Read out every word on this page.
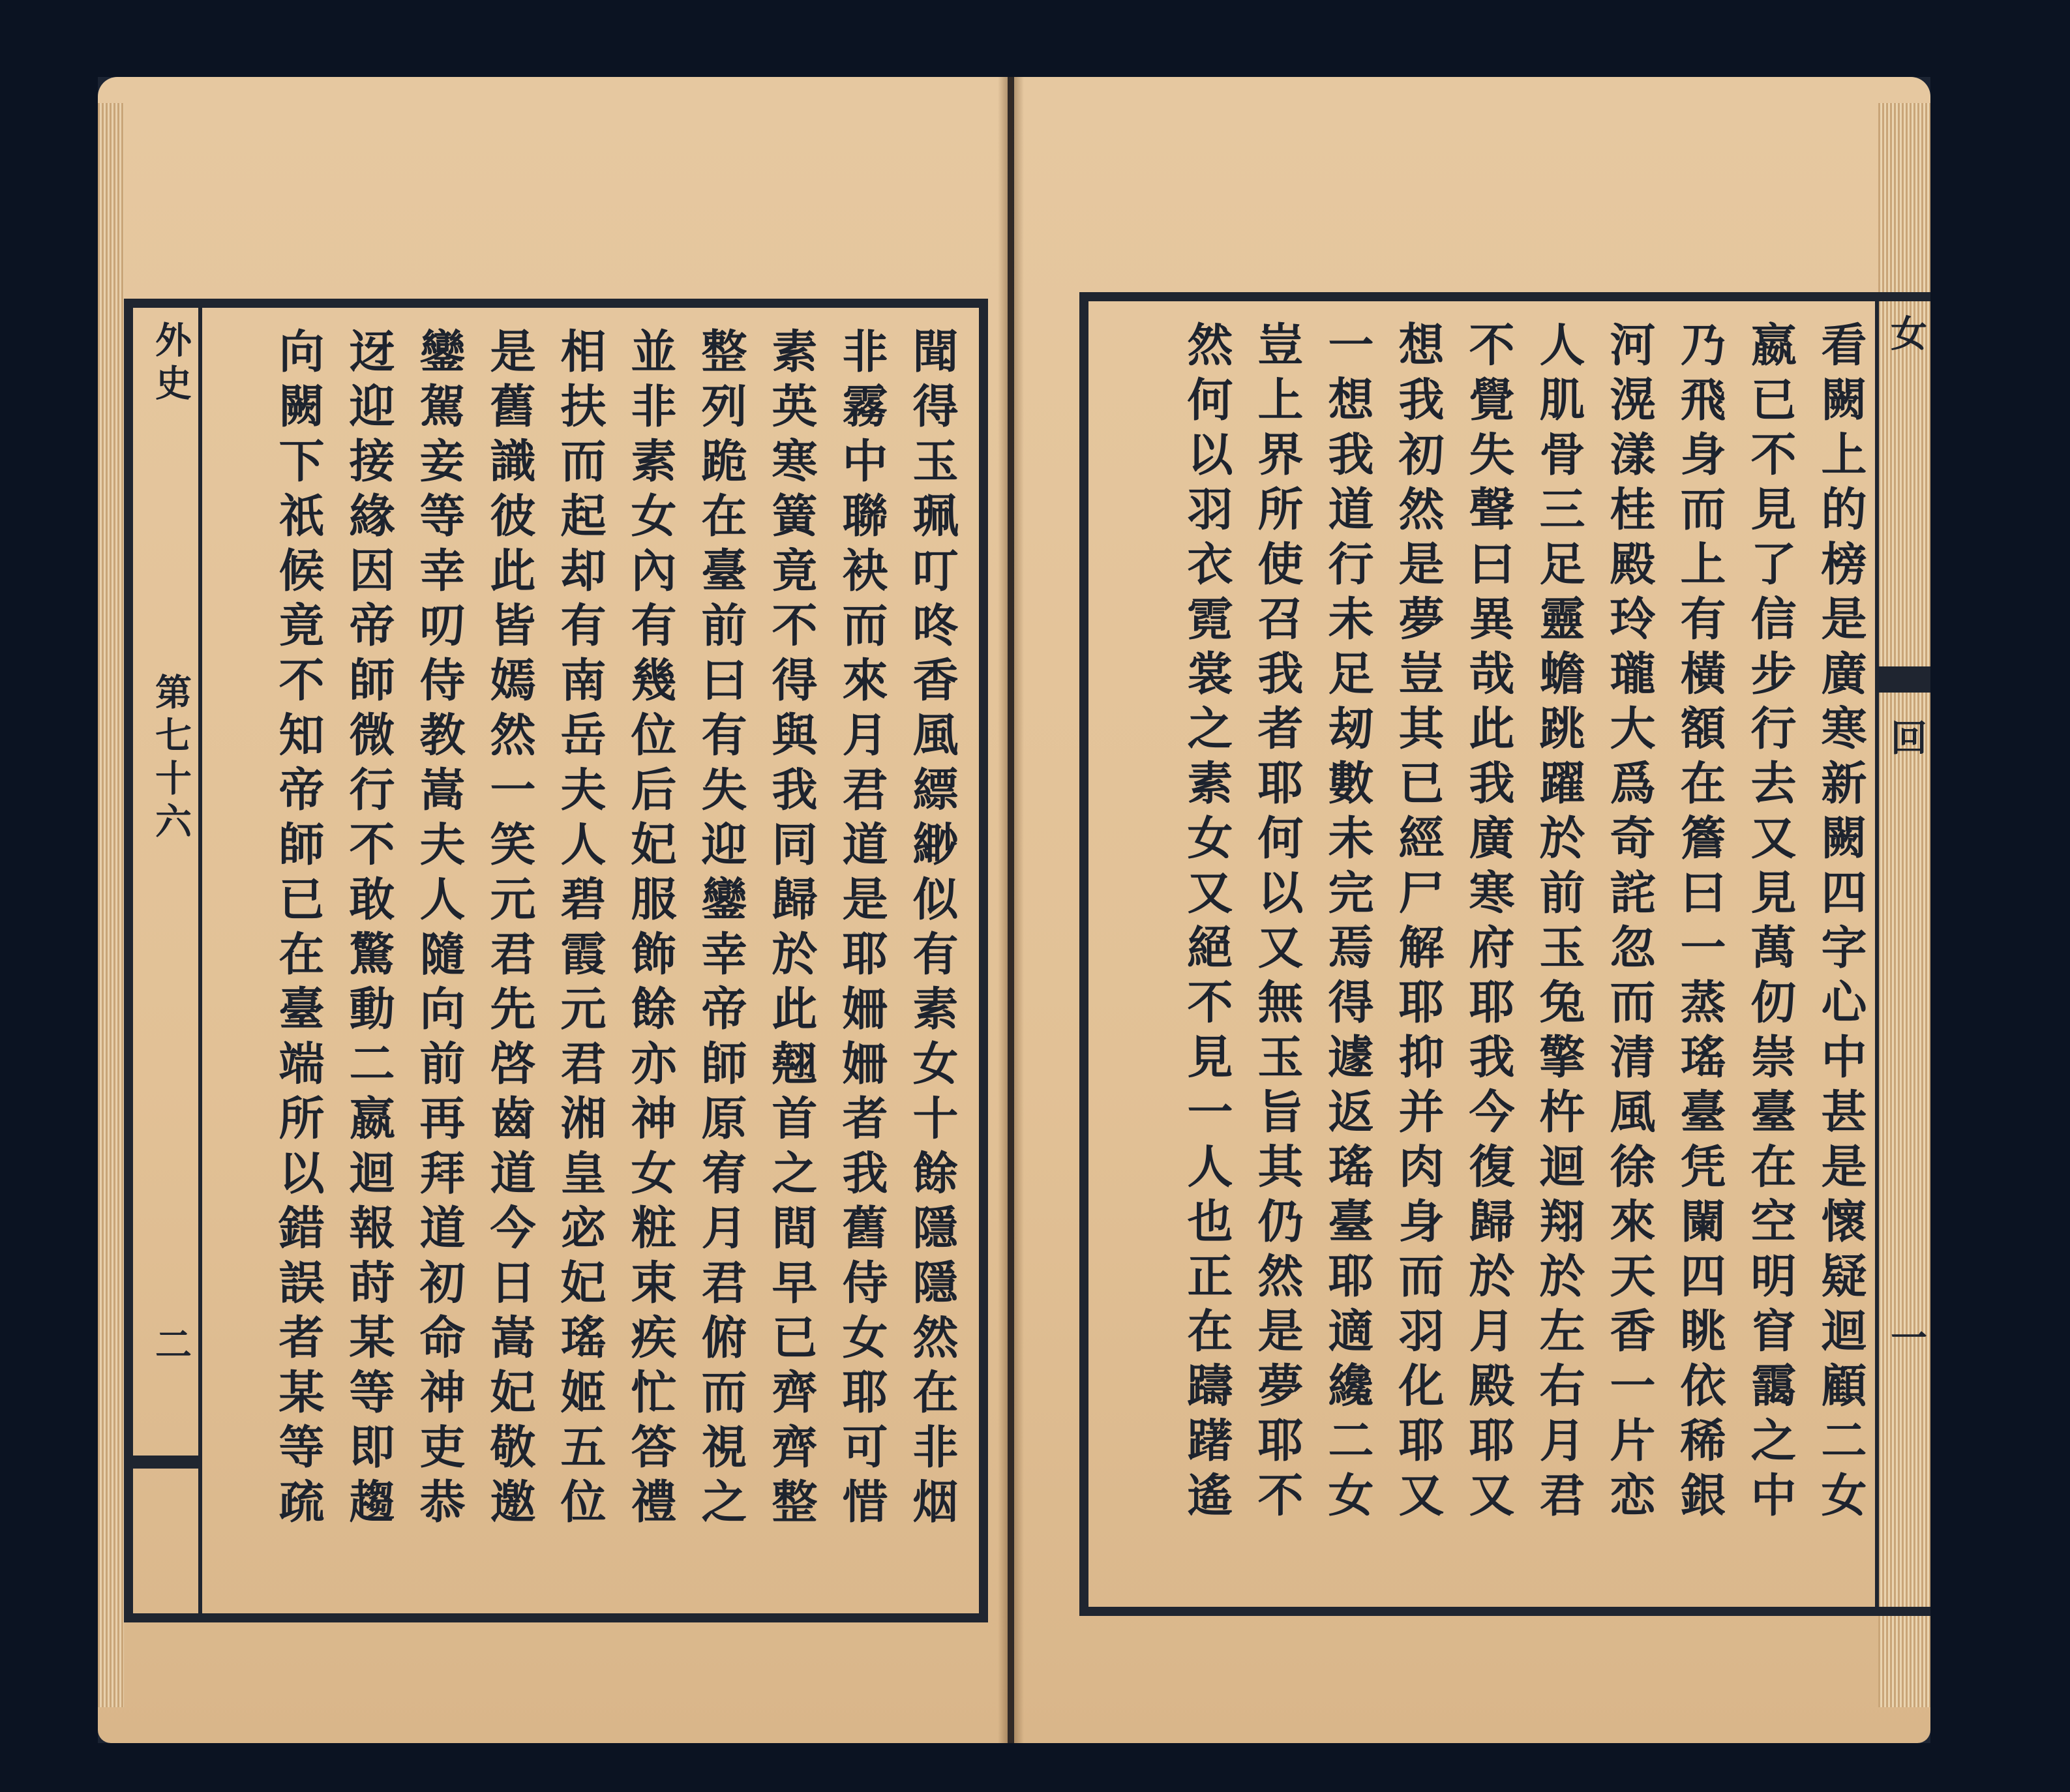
外史
第七十六
二	聞得玉珮叮咚香風縹緲似有素女十餘隱隱然在非烟
非霧中聯袂而來月君道是耶姍姍者我舊侍女耶可惜
素英寒簧竟不得與我同歸於此翹首之間早已齊齊整
整列跪在臺前曰有失迎鑾幸帝師原宥月君俯而視之
並非素女內有幾位后妃服飾餘亦神女粧束疾忙答禮
相扶而起却有南岳夫人碧霞元君湘皇宓妃瑤姬五位
是舊識彼此皆嫣然一笑元君先啓齒道今日嵩妃敬邀
鑾駕妾等幸叨侍教嵩夫人隨向前再拜道初命神吏恭
迓迎接緣因帝師微行不敢驚動二嬴迴報莳某等即趨
向闕下祇候竟不知帝師已在臺端所以錯誤者某等疏	女
回
一
看闕上的榜是廣寒新闕四字心中甚是懷疑迴顧二女
嬴已不見了信步行去又見萬仞崇臺在空明窅靄之中
乃飛身而上有橫額在簷曰一蒸瑤臺凭闌四眺依稀銀
河滉漾桂殿玲瓏大爲奇詫忽而清風徐來天香一片恋
人肌骨三足靈蟾跳躍於前玉兔擎杵迴翔於左右月君
不覺失聲曰異哉此我廣寒府耶我今復歸於月殿耶又
想我初然是夢豈其已經尸解耶抑并肉身而羽化耶又
一想我道行未足刼數未完焉得遽返瑤臺耶適纔二女
豈上界所使召我者耶何以又無玉旨其仍然是夢耶不
然何以羽衣霓裳之素女又絕不見一人也正在躊躇遙
